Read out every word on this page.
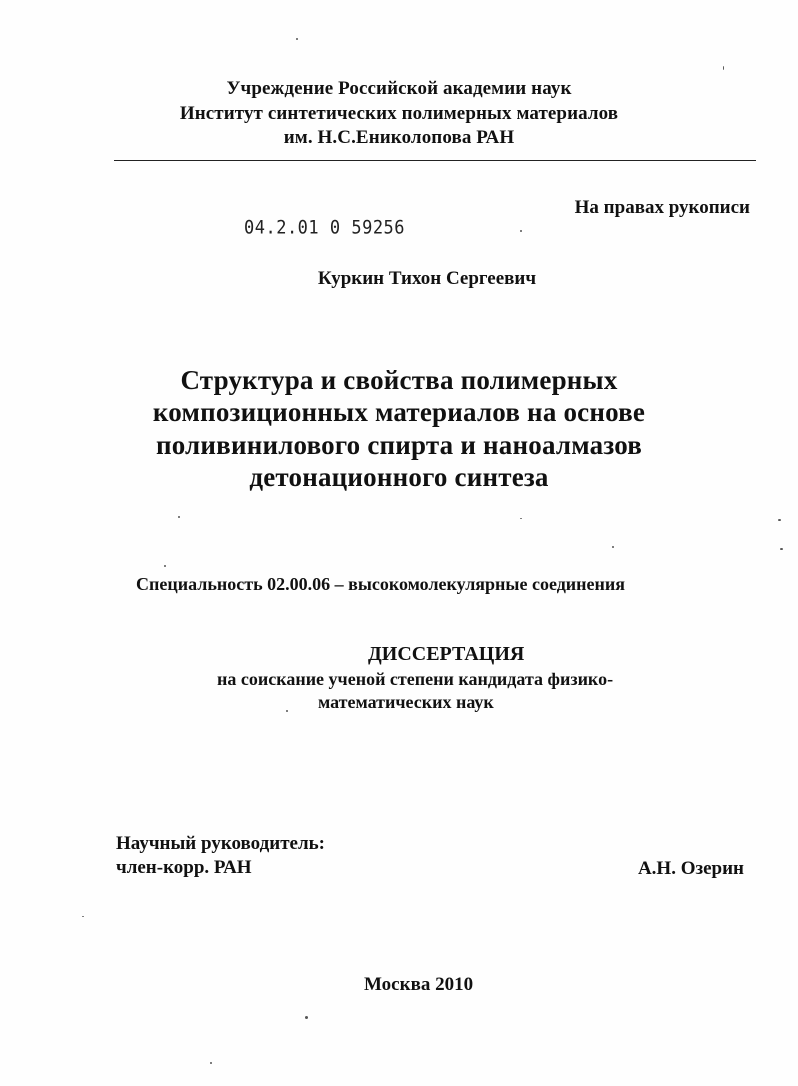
Учреждение Российской академии наук
Институт синтетических полимерных материалов
им. Н.С.Ениколопова РАН
На правах рукописи
04.2.01 0 59256
Куркин Тихон Сергеевич
Структура и свойства полимерных
композиционных материалов на основе
поливинилового спирта и наноалмазов
детонационного синтеза
Специальность 02.00.06 – высокомолекулярные соединения
ДИССЕРТАЦИЯ
на соискание ученой степени кандидата физико-
математических наук
Научный руководитель:
член-корр. РАН	А.Н. Озерин
Москва 2010
